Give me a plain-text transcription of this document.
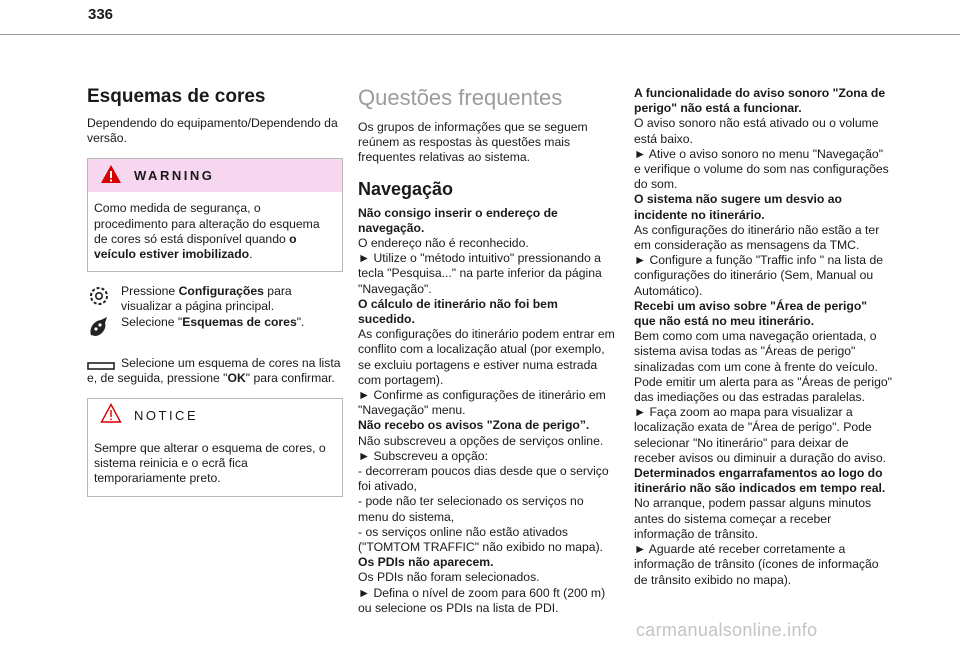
336
Esquemas de cores

Dependendo do equipamento/Dependendo da versão.

WARNING
Como medida de segurança, o procedimento para alteração do esquema de cores só está disponível quando o veículo estiver imobilizado.
Pressione Configurações para visualizar a página principal.
Selecione "Esquemas de cores".

Selecione um esquema de cores na lista e, de seguida, pressione "OK" para confirmar.

NOTICE
Sempre que alterar o esquema de cores, o sistema reinicia e o ecrã fica temporariamente preto.
Questões frequentes

Os grupos de informações que se seguem reúnem as respostas às questões mais frequentes relativas ao sistema.

Navegação

Não consigo inserir o endereço de navegação.

O endereço não é reconhecido.

► Utilize o "método intuitivo" pressionando a tecla "Pesquisa..." na parte inferior da página "Navegação".

O cálculo de itinerário não foi bem sucedido.

As configurações do itinerário podem entrar em conflito com a localização atual (por exemplo, se excluiu portagens e estiver numa estrada com portagem).

► Confirme as configurações de itinerário em "Navegação" menu.

Não recebo os avisos "Zona de perigo”.

Não subscreveu a opções de serviços online.

► Subscreveu a opção:

- decorreram poucos dias desde que o serviço foi ativado,

- pode não ter selecionado os serviços no menu do sistema,

- os serviços online não estão ativados ("TOMTOM TRAFFIC" não exibido no mapa).

Os PDIs não aparecem.

Os PDIs não foram selecionados.

► Defina o nível de zoom para 600 ft (200 m) ou selecione os PDIs na lista de PDI.

A funcionalidade do aviso sonoro "Zona de perigo" não está a funcionar.

O aviso sonoro não está ativado ou o volume está baixo.

► Ative o aviso sonoro no menu "Navegação" e verifique o volume do som nas configurações do som.

O sistema não sugere um desvio ao incidente no itinerário.

As configurações do itinerário não estão a ter em consideração as mensagens da TMC.

► Configure a função "Traffic info " na lista de configurações do itinerário (Sem, Manual ou Automático).

Recebi um aviso sobre "Área de perigo" que não está no meu itinerário.

Bem como com uma navegação orientada, o sistema avisa todas as "Áreas de perigo" sinalizadas com um cone à frente do veículo. Pode emitir um alerta para as "Áreas de perigo" das imediações ou das estradas paralelas.

► Faça zoom ao mapa para visualizar a localização exata de "Área de perigo". Pode selecionar "No itinerário" para deixar de receber avisos ou diminuir a duração do aviso.

Determinados engarrafamentos ao logo do itinerário não são indicados em tempo real.

No arranque, podem passar alguns minutos antes do sistema começar a receber informação de trânsito.

► Aguarde até receber corretamente a informação de trânsito (ícones de informação de trânsito exibido no mapa).

carmanualsonline.info
